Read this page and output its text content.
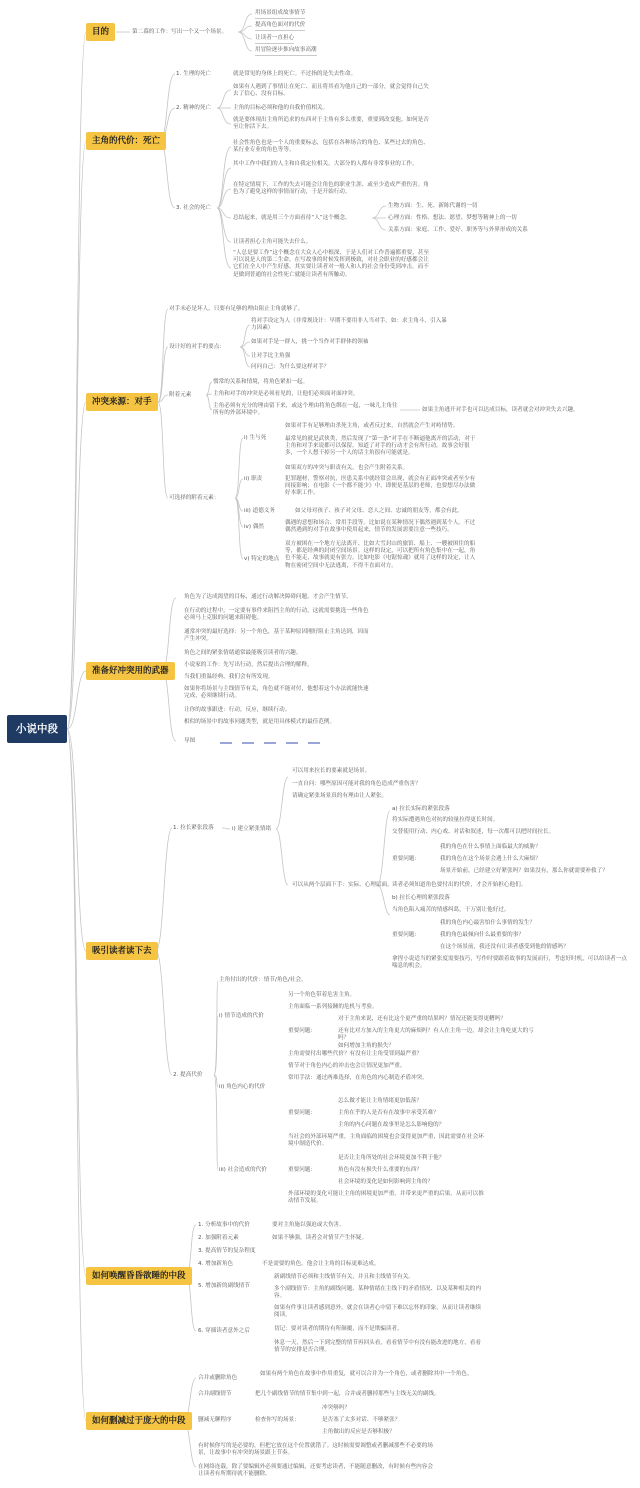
小说中段
目的	第二幕的工作：写出一个又一个场景。
用场景组成故事情节
提高角色面对的代价
让读者一直担心
用冒险逐步推向故事高潮
主角的代价：死亡
1. 生理的死亡	就是常见的身体上的死亡。不过指的是失去性命。
2. 精神的死亡
如果有人遇到了事情让在死亡、而且将其看为他自己的一部分，就会觉得自己失去了信心、没有目标。
主角的目标必须和他的自我价值相关。
就是要体现出主角所追求的东西对于主角有多么重要，重要到改变他。如何是否至让你活下去。
3. 社会的死亡
社会性角色也是一个人的重要标志，包括在各种场合的角色、某些过去的角色、某行业专业的角色等等。
其中工作中我们的人主和自我定位相关。大部分的人都有非常事业的工作。
在特定情境下，工作的失去可能会让角色的职业生涯、或至少造成严重伤害。角色为了避免这样的事情而行动，于是开始行动。
总结起来，就是用三个方面看待“人”这个概念。
生物方面：生、死、新陈代谢的一切
心理方面：性格、想法、愿望、梦想等精神上的一切
关系方面：家庭、工作、爱好、职务等与外界形成的关系
让读者担心主角可能失去什么。
“人总是要工作”这个概念在大众人心中根深，于是人们对工作普遍都重要，甚至可以说是人的第二生命。在写故事的时候发挥到极致，对社会职业的好感都会让它们在全人中产生好感。其实要让读者对一般人和人的社会身份受到冲击，而不是做到普通的社会性死亡就能让读者有所触动。
冲突来源：对手
对手未必是坏人，只要有足够的理由阻止主角就够了。
设计好的对手的要点：
将对手设定为人（非常规设计：早期不要用非人当对手。如：求主角斗，引入暴力因素）
如果对手是一群人，挑一个当作对手群体的领袖
让对手比主角强
问问自己：为什么要这样对手？
附着元素
惯常的关系和情境，将角色紧扣一起。
主角和对手的冲突是必须看见的，让他们必须面对面冲突。
主角必须有充分的理由留下来，或这个理由将角色绑在一起，一味儿主角往所有的外部环境中。
如果主角逃开对手也可以达成目标，读者就会对冲突失去兴趣。
可选择的附着元素：
i) 生与死
如果对手有足够理由杀死主角，或者反过来，自然就会产生对峙情势。
最常见的就是武侠类，然后发现了“第一条”对手在不断逼他离开的活动，对于主角和对手来说都可以保留。知道了对手的行动才会有所行动，故事会好很多，一个人想干掉另一个人的话主角很有可能就是。
ii) 职责
如果双方的冲突与职责有关，也会产生附着关系。
犯罪题材，警察对抗，医患关系中就经常会出现，就会有正面冲突或者至少有间接影响；在电影《一个都不能少》中，即便是基层的老师，也要想尽办法做好本职工作。
iii) 道德义务	如父母对孩子、孩子对父母、恋人之间、忠诚的朋友等，都会有此。
iv) 偶然
偶遇的意想和场合、常用手段等。比如说在某种情况下偶然遇到某个人。不过偶然遇到的对手在故事中使用起来，情节的发展需要注意一些技巧。
v) 特定的地点
双方被困在一个地方无法离开、比如大雪封山的旅馆、船上、一艘被困住的船等，都是经典的封闭空间场景。这样的设定，可以把所有角色集中在一起，角色不能走，故事就更有张力。比如电影《电锯惊魂》就用了这样的设定，让人物在密闭空间中无法逃离，不得不直面对方。
准备好冲突用的武器
角色为了达成渴望的目标，通过行动解决障碍问题，才会产生情节。
在行动的过程中，一定要有事件来阻挡主角的行动，这就需要挑选一些角色必须马上克服的问题来阻碍他。
通常冲突的最好选择：另一个角色，基于某种原因刚好阻止主角达到，因而产生冲突。
角色之间的紧张情绪通常最能吸引读者的兴趣。
小说家的工作：先写出行动，然后提出合理的解释。
当我们重温经典，我们会有所发现。
如果你将场景与主线情节有关，角色就不能对付，他想着这个办法就能快速完成，必须继续行动。
让你的故事跟进：行动，反应，继续行动。
相似的场景中的故事问题类型，就是用具体模式的最佳范例。
导图
吸引读者读下去
1. 拉长紧张段落	i) 建立紧张情绪
可以用来拉长的要素就是场景。
一直自问：哪些原因可能对我的角色造成严重伤害？
请确定紧张场景真的有理由让人紧张。
可以从两个层面下手：实际、心理层面。
a) 拉长实际的紧张段落
将实际遭遇角色对抗的较量拉得更长时间。
交替使用行动、内心戏、对话和叙述，每一次都可以把时间拉长。
重要问题：
我的角色在什么事情上面临最大的威胁？
我的角色在这个场景会遇上什么大麻烦？
场景开始前，已经建立好紧张吗？如果没有，那么你就需要补救了？
读者必须知道角色要付出的代价，才会开始担心他们。
b) 拉长心理的紧张段落
当角色陷入痛苦的情感纠葛，干万别让他好过。
重要问题：
我的角色内心最害怕什么事情的发生？
我的角色最倾向什么最重要的事？
在这个场景前，我还没有让读者感受到他的情感吗？
拿捏小说适当的紧张度需要技巧，写作时要跟着故事的发展而行，考虑好时机，可以给读者一点喘息的机会。
2. 提高代价
主角付出的代价：情节/角色/社会。
i) 情节造成的代价
另一个角色带着危害主角。
主角面临一系列接踵的危机与考验。
重要问题：
对于主角来说，还有比这个更严重的结果吗？情况还能变得更糟吗？
还有比对方加入的主角更大的麻烦吗？有人在主角一边，却会让主角吃更大的亏吗？
如何增加主角的损失？
主角需要付出哪些代价？有没有让主角受罪到最严重？
ii) 角色内心的代价
情节对于角色内心的冲击也会让情况更加严重。
常用手法：通过两难选择，在角色的内心制造矛盾冲突。
重要问题：
怎么做才能让主角情绪更加低落？
主角在乎的人是否有在故事中承受苦难？
主角的内心问题在故事里是怎么影响他的？
iii) 社会造成的代价
当社会的外部环境严重，主角面临的困境也会变得更加严重，因此需要在社会环境中制造代价。
重要问题：
是否让主角所处的社会环境更加不利于他？
角色有没有损失什么重要的东西？
社会环境的变化是如何影响到主角的？
外部环境的变化可能让主角的困境更加严重，并带来更严重的后果，从而可以推动情节发展。
如何唤醒昏昏欲睡的中段
1. 分析故事中的代价	要对主角施以强迫或大伤害。
2. 加强附着元素	如果不够强，读者会对情节产生怀疑。
3. 提高情节的复杂程度
4. 增加新角色	不是需要的角色，他会让主角的目标更难达成。
5. 增加新的副线情节
新副线情节必须和主线情节有关，并且和主线情节有关。
多个副线情节：主角的副线问题、某种情绪在主线下的矛盾情况、以及某种相关的内容。
6. 穿插读者意外之后
如果有件事让读者感到意外，就会在读者心中留下难以忘怀的印象，从而让读者继续阅读。
切记：要对读者的期待有所颠覆，而不是欺骗读者。
休息一天，然后一下到完整的情节再回头看，看看情节中有没有能改进的地方，看看情节的安排是否合理。
如何删减过于庞大的中段
合并或删除角色
如果有两个角色在故事中作用重复，就可以合并为一个角色，或者删除其中一个角色。
合并副线情节	把几个副线情节的情节集中到一起，合并或者删掉那些与主线无关的副线。
删减无聊程序	检查你写的场景：
冲突够吗？
是否塞了太多对话、不够紧张？
主角做出的反应是否够积极？
有时候你写的是必要的，但把它放在这个位置就错了。这时候需要调整或者删减那些不必要的场景，让故事中有冲突的场景跟上节奏。
在网络连载，除了要编辑外必须要通过编辑，还要考虑读者，不能随意删改，有时候有些内容会让读者有所期待就不能删除。
